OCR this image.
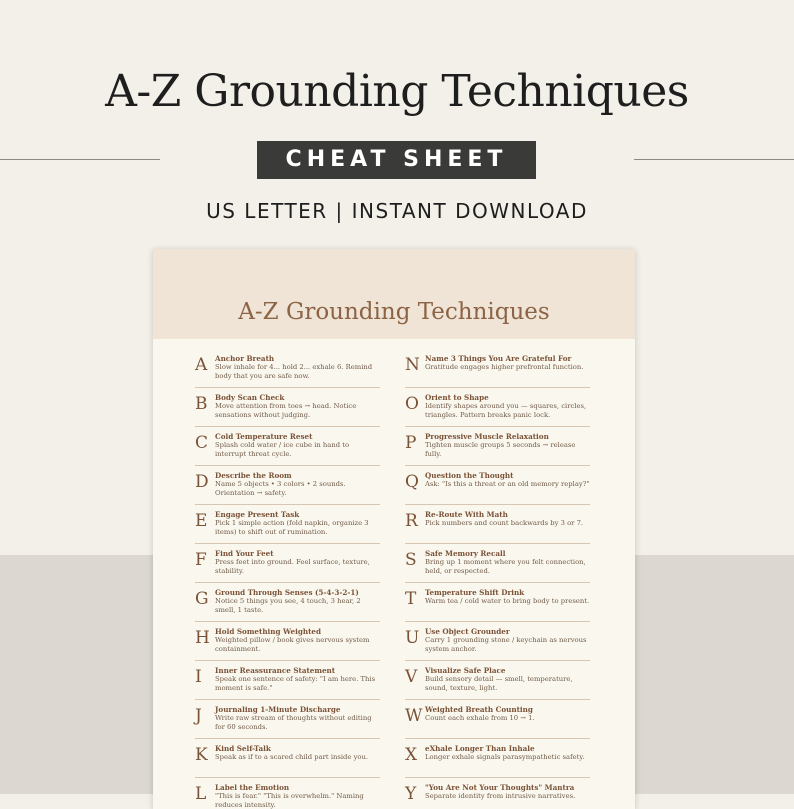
A-Z Grounding Techniques
CHEAT SHEET
US LETTER | INSTANT DOWNLOAD
A-Z Grounding Techniques
A Anchor Breath
Slow inhale for 4... hold 2... exhale 6. Remind body that you are safe now.
B Body Scan Check
Move attention from toes → head. Notice sensations without judging.
C Cold Temperature Reset
Splash cold water / ice cube in hand to interrupt threat cycle.
D Describe the Room
Name 5 objects • 3 colors • 2 sounds. Orientation → safety.
E Engage Present Task
Pick 1 simple action (fold napkin, organize 3 items) to shift out of rumination.
F Find Your Feet
Press feet into ground. Feel surface, texture, stability.
G Ground Through Senses (5-4-3-2-1)
Notice 5 things you see, 4 touch, 3 hear, 2 smell, 1 taste.
H Hold Something Weighted
Weighted pillow / book gives nervous system containment.
I Inner Reassurance Statement
Speak one sentence of safety: "I am here. This moment is safe."
J Journaling 1-Minute Discharge
Write raw stream of thoughts without editing for 60 seconds.
K Kind Self-Talk
Speak as if to a scared child part inside you.
L Label the Emotion
"This is fear." "This is overwhelm." Naming reduces intensity.
N Name 3 Things You Are Grateful For
Gratitude engages higher prefrontal function.
O Orient to Shape
Identify shapes around you — squares, circles, triangles. Pattern breaks panic lock.
P Progressive Muscle Relaxation
Tighten muscle groups 5 seconds → release fully.
Q Question the Thought
Ask: "Is this a threat or an old memory replay?"
R Re-Route With Math
Pick numbers and count backwards by 3 or 7.
S Safe Memory Recall
Bring up 1 moment where you felt connection, held, or respected.
T Temperature Shift Drink
Warm tea / cold water to bring body to present.
U Use Object Grounder
Carry 1 grounding stone / keychain as nervous system anchor.
V Visualize Safe Place
Build sensory detail — smell, temperature, sound, texture, light.
W Weighted Breath Counting
Count each exhale from 10 → 1.
X eXhale Longer Than Inhale
Longer exhale signals parasympathetic safety.
Y "You Are Not Your Thoughts" Mantra
Separate identity from intrusive narratives.
